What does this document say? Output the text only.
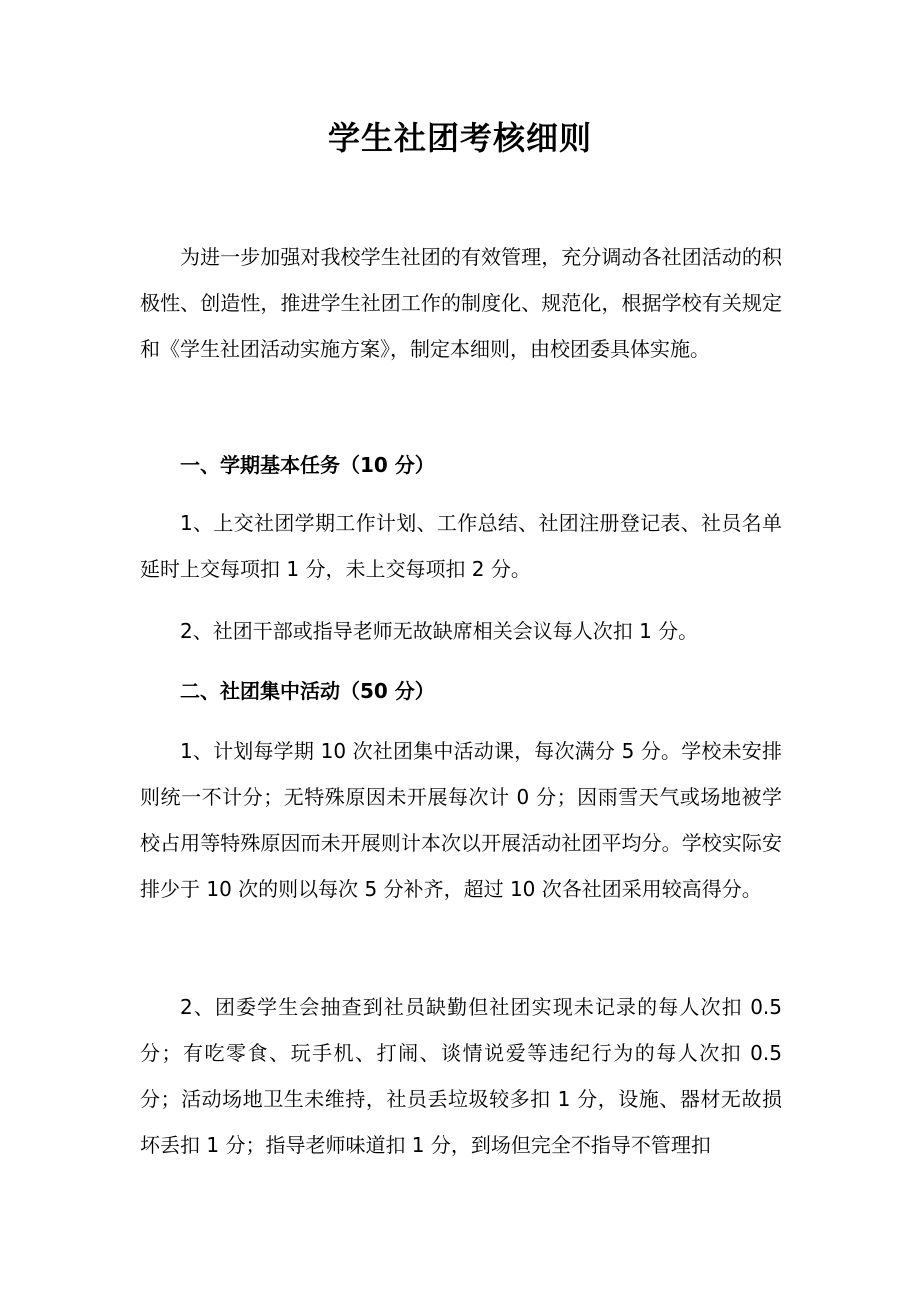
学生社团考核细则

为进一步加强对我校学生社团的有效管理，充分调动各社团活动的积极性、创造性，推进学生社团工作的制度化、规范化，根据学校有关规定和《学生社团活动实施方案》，制定本细则，由校团委具体实施。

一、学期基本任务（10 分）

1、上交社团学期工作计划、工作总结、社团注册登记表、社员名单延时上交每项扣 1 分，未上交每项扣 2 分。

2、社团干部或指导老师无故缺席相关会议每人次扣 1 分。

二、社团集中活动（50 分）

1、计划每学期 10 次社团集中活动课，每次满分 5 分。学校未安排则统一不计分；无特殊原因未开展每次计 0 分；因雨雪天气或场地被学校占用等特殊原因而未开展则计本次以开展活动社团平均分。学校实际安排少于 10 次的则以每次 5 分补齐，超过 10 次各社团采用较高得分。

2、团委学生会抽查到社员缺勤但社团实现未记录的每人次扣 0.5 分；有吃零食、玩手机、打闹、谈情说爱等违纪行为的每人次扣 0.5 分；活动场地卫生未维持，社员丢垃圾较多扣 1 分，设施、器材无故损坏丢扣 1 分；指导老师味道扣 1 分，到场但完全不指导不管理扣
